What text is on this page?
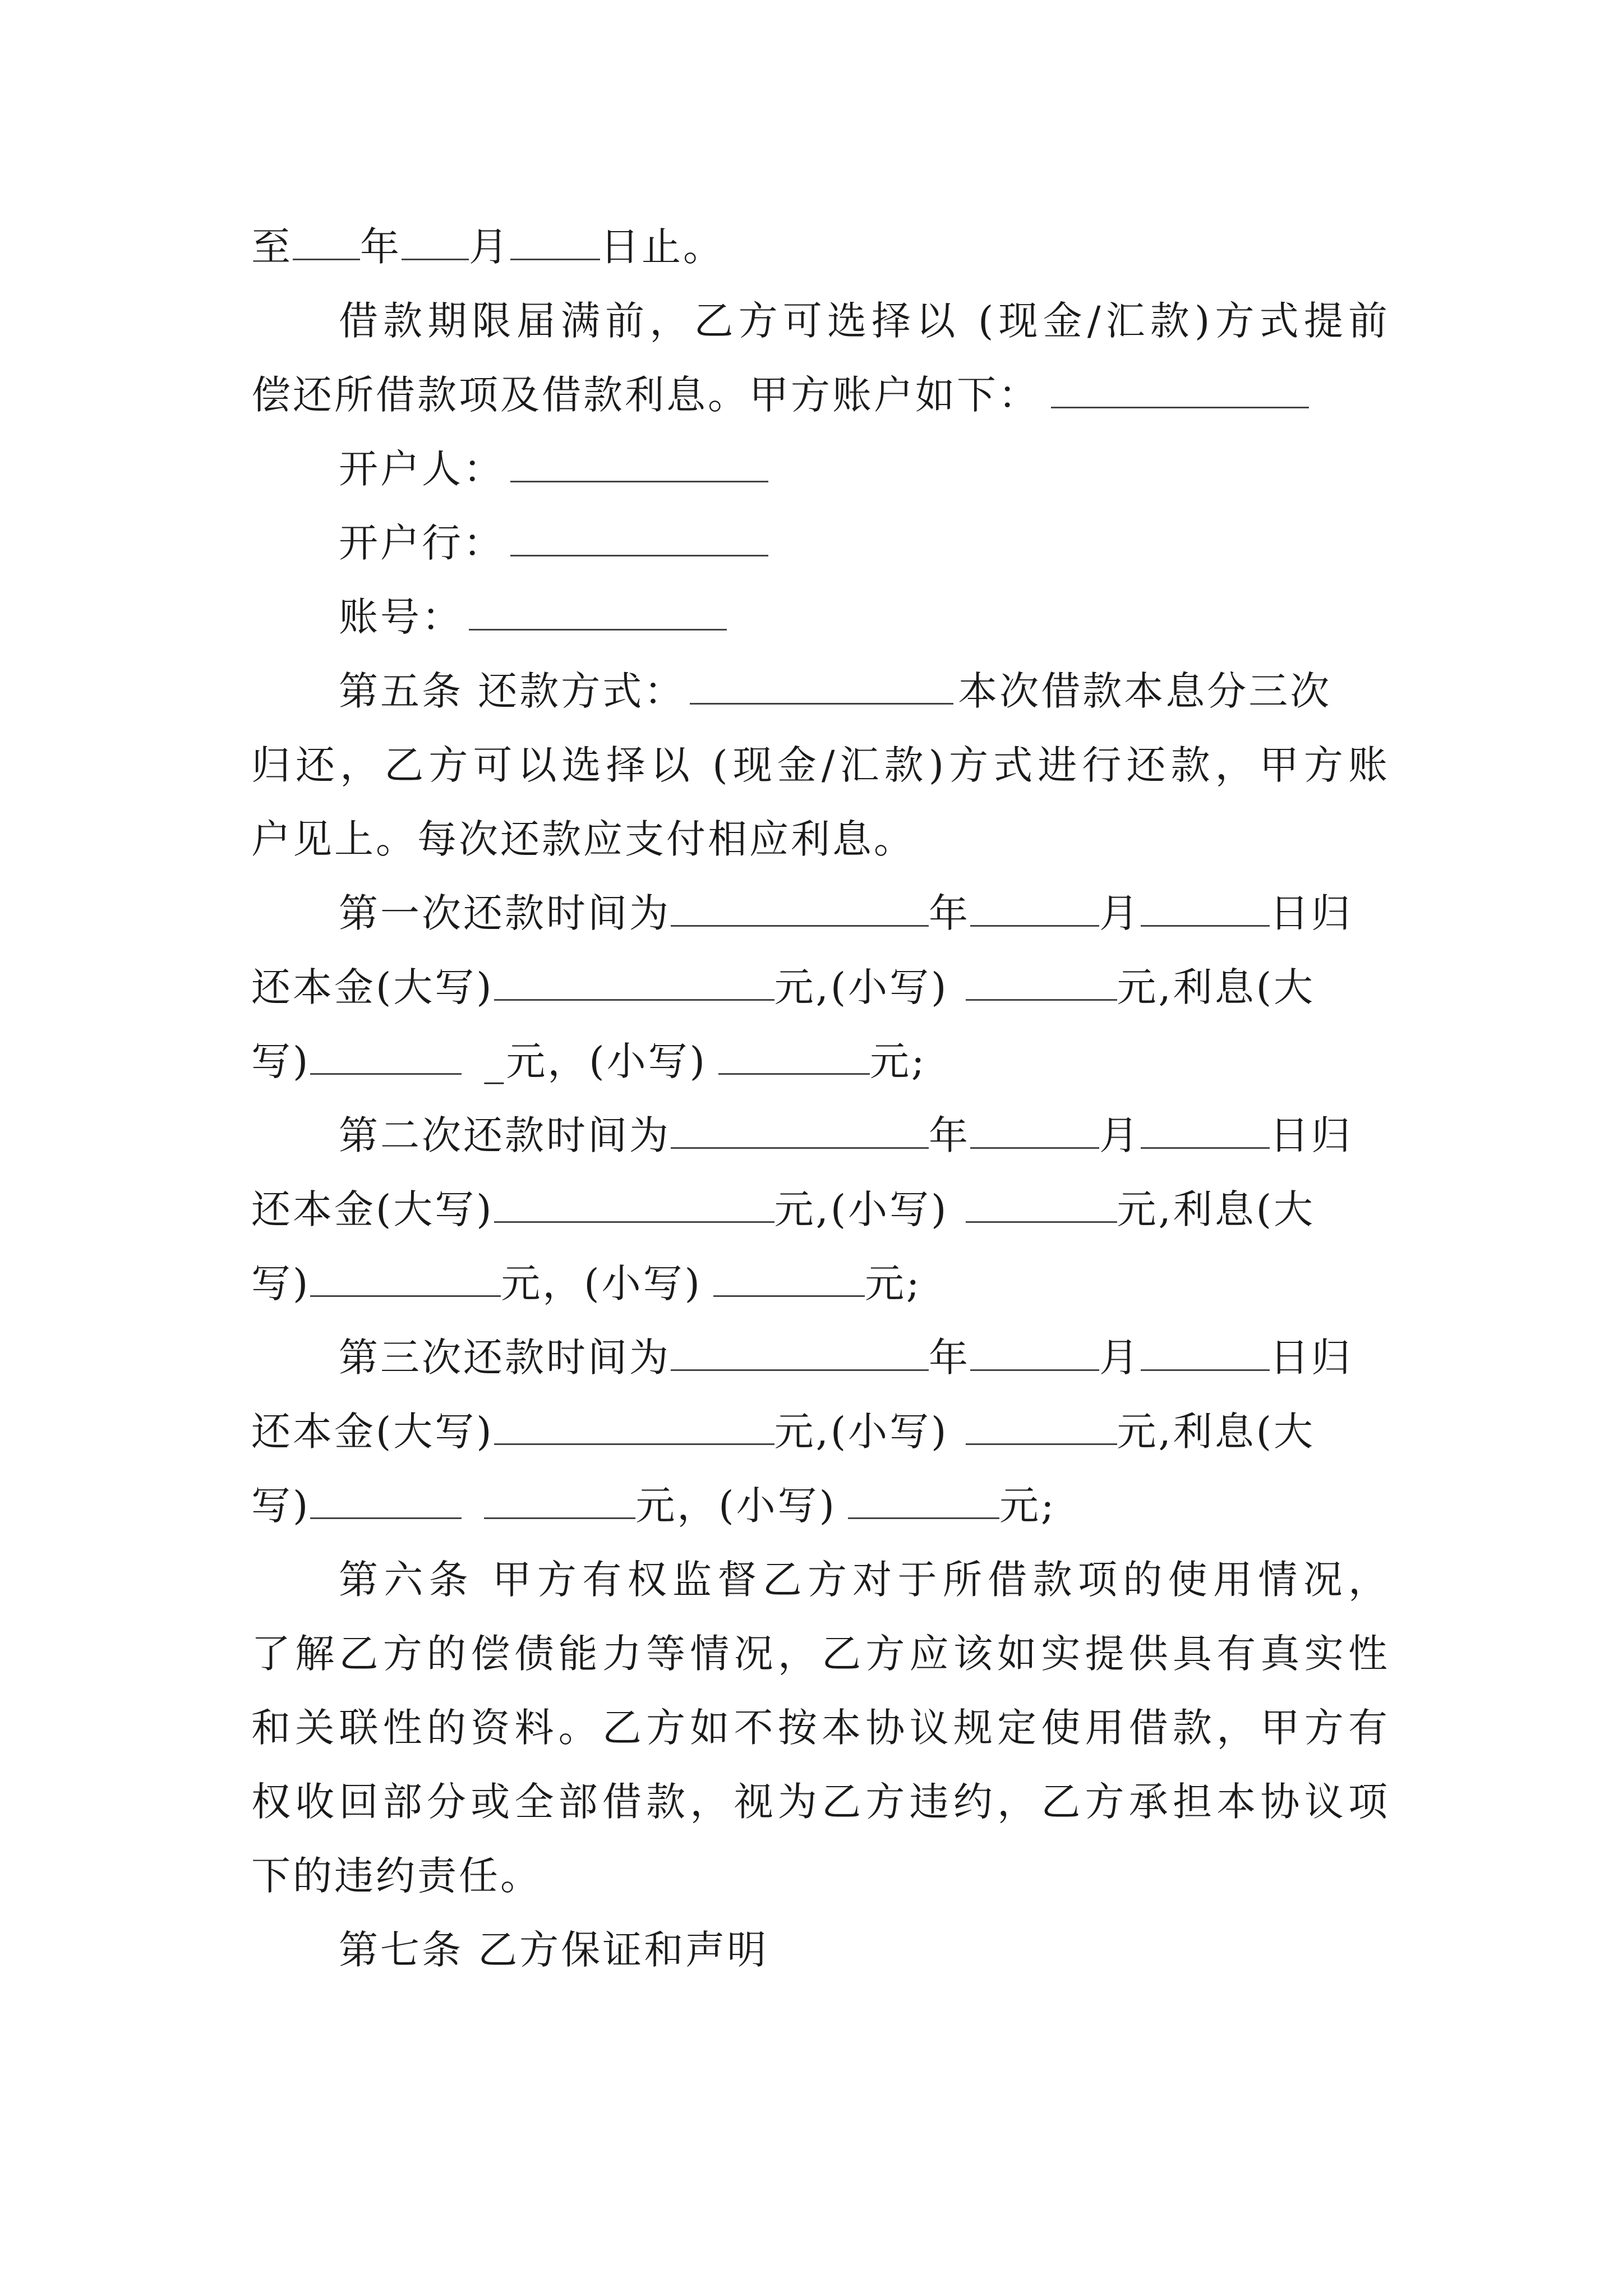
至 年 月 日止。
借款期限届满前，乙方可选择以 (现金/汇款)方式提前
偿还所借款项及借款利息。甲方账户如下：
开户人：
开户行：
账号：
第五条 还款方式：	本次借款本息分三次
归还，乙方可以选择以 (现金/汇款)方式进行还款，甲方账
户见上。每次还款应支付相应利息。
第一次还款时间为	年	月	日归
还本金(大写)	元,(小写)	元,利息(大
写)	_元，(小写)	元;
第二次还款时间为	年	月	日归
还本金(大写)	元,(小写)	元,利息(大
写)	元，(小写)	元;
第三次还款时间为	年	月	日归
还本金(大写)	元,(小写)	元,利息(大
写)	元，(小写)	元;
第六条 甲方有权监督乙方对于所借款项的使用情况，
了解乙方的偿债能力等情况，乙方应该如实提供具有真实性
和关联性的资料。乙方如不按本协议规定使用借款，甲方有
权收回部分或全部借款，视为乙方违约，乙方承担本协议项
下的违约责任。
第七条 乙方保证和声明
